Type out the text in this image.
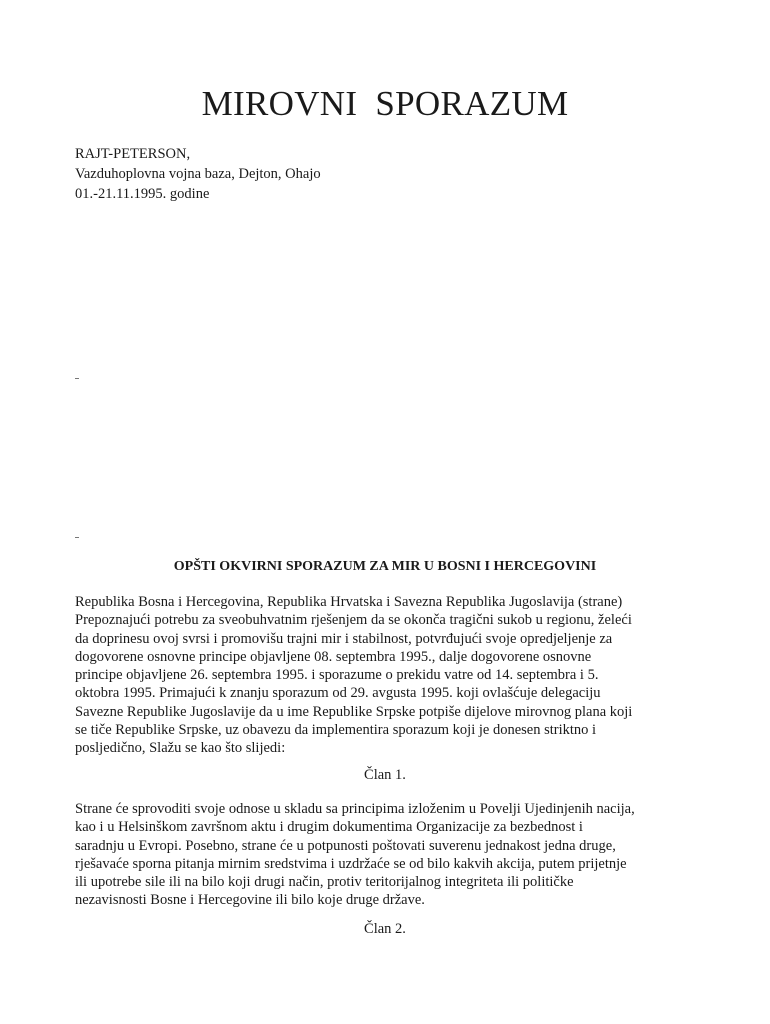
MIROVNI  SPORAZUM
RAJT-PETERSON,
Vazduhoplovna vojna baza, Dejton, Ohajo
01.-21.11.1995. godine
OPŠTI OKVIRNI SPORAZUM ZA MIR U BOSNI I HERCEGOVINI
Republika Bosna i Hercegovina, Republika Hrvatska i Savezna Republika Jugoslavija (strane)
Prepoznajući potrebu za sveobuhvatnim rješenjem da se okonča tragični sukob u regionu, želeći
da doprinesu ovoj svrsi i promovišu trajni mir i stabilnost, potvrđujući svoje opredjeljenje za
dogovorene osnovne principe objavljene 08. septembra 1995., dalje dogovorene osnovne
principe objavljene 26. septembra 1995. i sporazume o prekidu vatre od 14. septembra i 5.
oktobra 1995. Primajući k znanju sporazum od 29. avgusta 1995. koji ovlašćuje delegaciju
Savezne Republike Jugoslavije da u ime Republike Srpske potpiše dijelove mirovnog plana koji
se tiče Republike Srpske, uz obavezu da implementira sporazum koji je donesen striktno i
posljedično, Slažu se kao što slijedi:
Član 1.
Strane će sprovoditi svoje odnose u skladu sa principima izloženim u Povelji Ujedinjenih nacija,
kao i u Helsinškom završnom aktu i drugim dokumentima Organizacije za bezbednost i
saradnju u Evropi. Posebno, strane će u potpunosti poštovati suverenu jednakost jedna druge,
rješavaće sporna pitanja mirnim sredstvima i uzdržaće se od bilo kakvih akcija, putem prijetnje
ili upotrebe sile ili na bilo koji drugi način, protiv teritorijalnog integriteta ili političke
nezavisnosti Bosne i Hercegovine ili bilo koje druge države.
Član 2.
